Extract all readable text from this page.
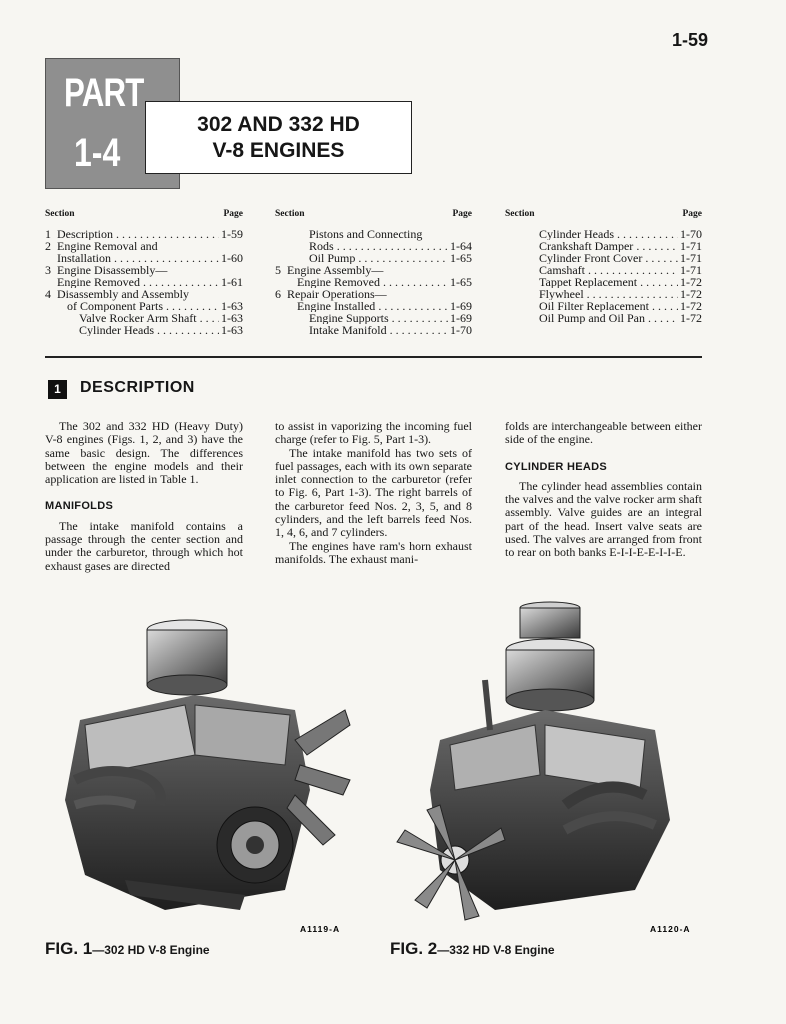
1-59
PART
1-4
302 AND 332 HD
V-8 ENGINES
Section	Page
1 Description . . .	1-59
2 Engine Removal and
Installation . . .	1-60
3 Engine Disassembly—
Engine Removed . . .	1-61
4 Disassembly and Assembly
of Component Parts . . .	1-63
Valve Rocker Arm Shaft . . .	1-63
Cylinder Heads . . .	1-63
Section	Page
Pistons and Connecting
Rods . . .	1-64
Oil Pump . . .	1-65
5 Engine Assembly—
Engine Removed . . .	1-65
6 Repair Operations—
Engine Installed . . .	1-69
Engine Supports . . .	1-69
Intake Manifold . . .	1-70
Section	Page
Cylinder Heads . . .	1-70
Crankshaft Damper . . .	1-71
Cylinder Front Cover . . .	1-71
Camshaft . . .	1-71
Tappet Replacement . . .	1-72
Flywheel . . .	1-72
Oil Filter Replacement . . .	1-72
Oil Pump and Oil Pan . . .	1-72
1	DESCRIPTION

The 302 and 332 HD (Heavy Duty) V-8 engines (Figs. 1, 2, and 3) have the same basic design. The differences between the engine models and their application are listed in Table 1.

MANIFOLDS

The intake manifold contains a passage through the center section and under the carburetor, through which hot exhaust gases are directed

to assist in vaporizing the incoming fuel charge (refer to Fig. 5, Part 1-3).

The intake manifold has two sets of fuel passages, each with its own separate inlet connection to the carburetor (refer to Fig. 6, Part 1-3). The right barrels of the carburetor feed Nos. 2, 3, 5, and 8 cylinders, and the left barrels feed Nos. 1, 4, 6, and 7 cylinders.

The engines have ram's horn exhaust manifolds. The exhaust mani-

folds are interchangeable between either side of the engine.

CYLINDER HEADS

The cylinder head assemblies contain the valves and the valve rocker arm shaft assembly. Valve guides are an integral part of the head. Insert valve seats are used. The valves are arranged from front to rear on both banks E-I-I-E-E-I-I-E.

A1119-A	A1120-A
FIG. 1—302 HD V-8 Engine	FIG. 2—332 HD V-8 Engine
